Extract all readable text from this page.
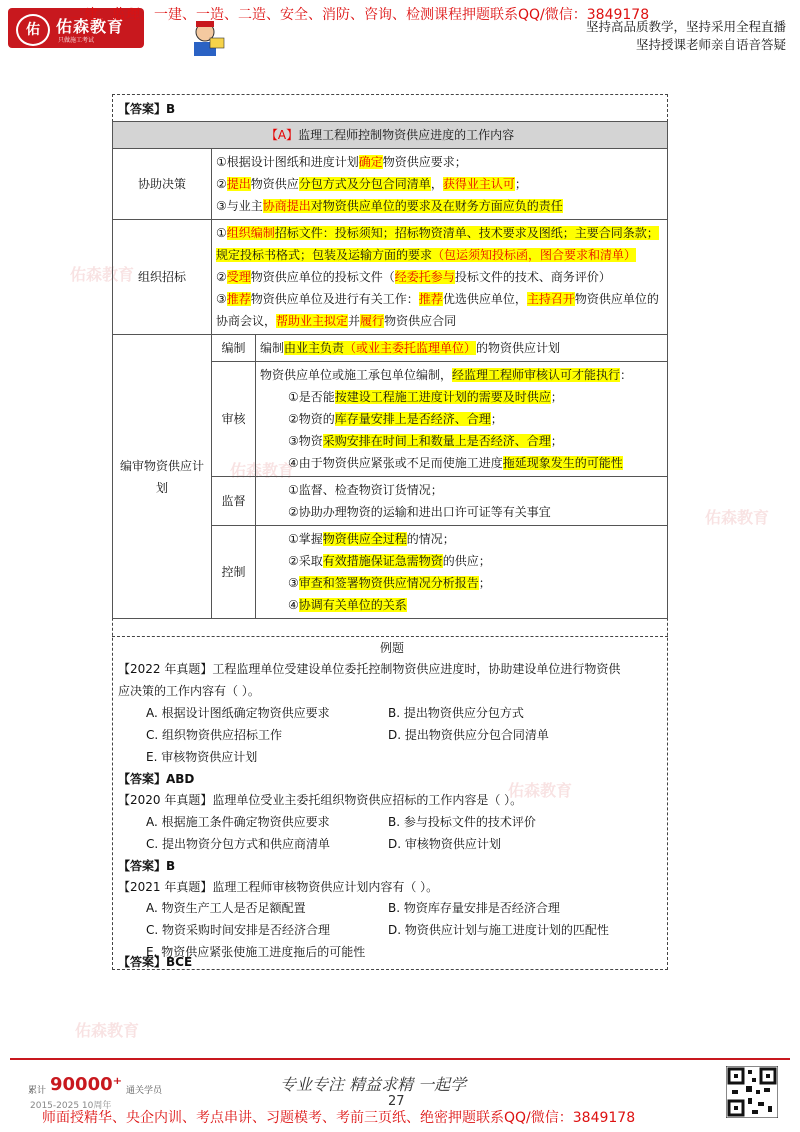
佑	佑森教育
只做施工考试
二建、监理、一建、一造、二造、安全、消防、咨询、检测课程押题联系QQ/微信：3849178
坚持高品质教学，坚持采用全程直播
坚持授课老师亲自语音答疑
佑森教育
佑森教育
佑森教育
佑森教育
佑森教育
【答案】B
【A】监理工程师控制物资供应进度的工作内容		
协助决策	①根据设计图纸和进度计划确定物资供应要求；
②提出物资供应分包方式及分包合同清单，获得业主认可；
③与业主协商提出对物资供应单位的要求及在财务方面应负的责任	

组织招标	①组织编制招标文件：投标须知；招标物资清单、技术要求及图纸；主要合同条款；规定投标书格式；包装及运输方面的要求（包运须知投标函，图合要求和清单）
②受理物资供应单位的投标文件（经委托参与投标文件的技术、商务评价）
③推荐物资供应单位及进行有关工作：推荐优选供应单位，主持召开物资供应单位的协商会议，帮助业主拟定并履行物资供应合同	

编审物资供应计划	编制	编制由业主负责（或业主委托监理单位）的物资供应计划
	审核	物资供应单位或施工承包单位编制，经监理工程师审核认可才能执行：
①是否能按建设工程施工进度计划的需要及时供应；
②物资的库存量安排上是否经济、合理；
③物资采购安排在时间上和数量上是否经济、合理；
④由于物资供应紧张或不足而使施工进度拖延现象发生的可能性

	监督	①监督、检查物资订货情况；
②协助办理物资的运输和进出口许可证等有关事宜

	控制	①掌握物资供应全过程的情况；
②采取有效措施保证急需物资的供应；
③审查和签署物资供应情况分析报告；
④协调有关单位的关系
例题
【2022 年真题】工程监理单位受建设单位委托控制物资供应进度时，协助建设单位进行物资供
应决策的工作内容有（ ）。
A. 根据设计图纸确定物资供应要求	B. 提出物资供应分包方式
C. 组织物资供应招标工作	D. 提出物资供应分包合同清单
E. 审核物资供应计划
【答案】ABD
【2020 年真题】监理单位受业主委托组织物资供应招标的工作内容是（ ）。
A. 根据施工条件确定物资供应要求	B. 参与投标文件的技术评价
C. 提出物资分包方式和供应商清单	D. 审核物资供应计划
【答案】B
【2021 年真题】监理工程师审核物资供应计划内容有（ ）。
A. 物资生产工人是否足额配置	B. 物资库存量安排是否经济合理
C. 物资采购时间安排是否经济合理	D. 物资供应计划与施工进度计划的匹配性
E. 物资供应紧张使施工进度拖后的可能性
【答案】BCE
累计 90000⁺ 通关学员
2015-2025 10周年
专业专注 精益求精 一起学
27
师面授精华、央企内训、考点串讲、习题模考、考前三页纸、绝密押题联系QQ/微信：3849178
